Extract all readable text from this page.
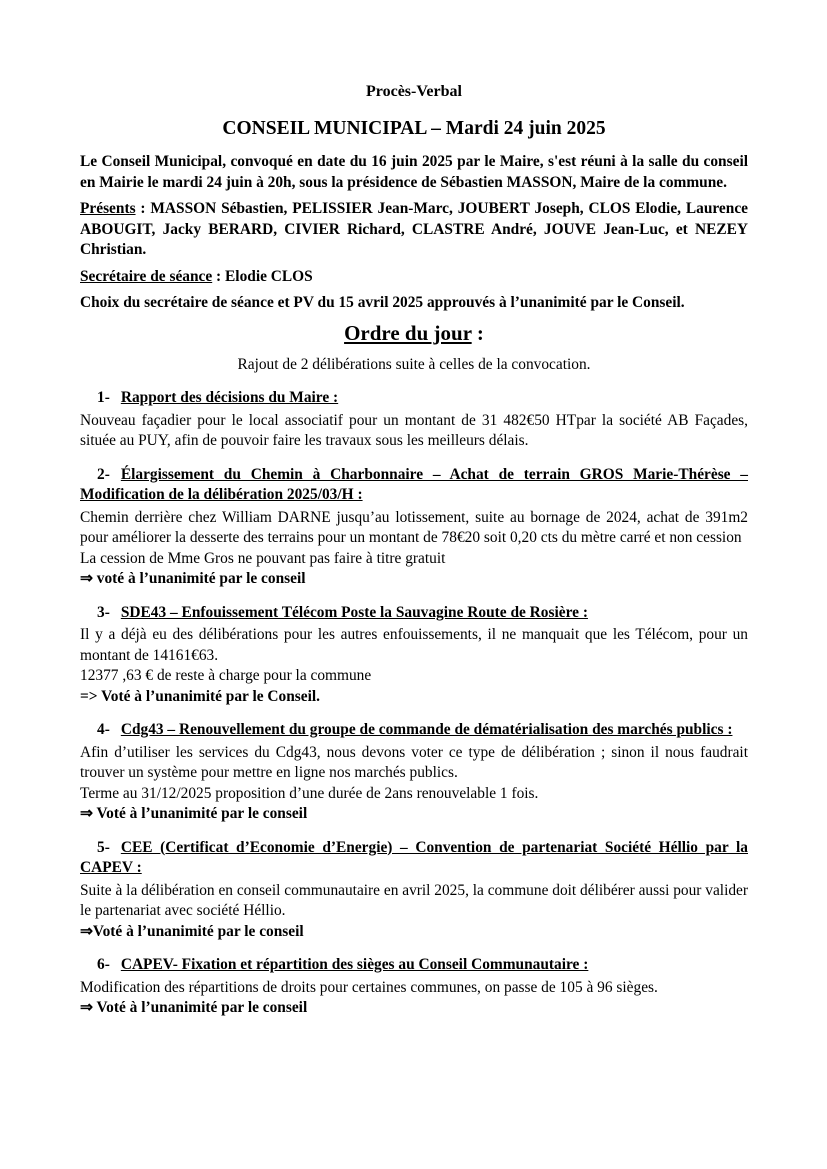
Procès-Verbal

CONSEIL MUNICIPAL – Mardi 24 juin 2025

Le Conseil Municipal, convoqué en date du 16 juin 2025 par le Maire, s'est réuni à la salle du conseil en Mairie le mardi 24 juin à 20h, sous la présidence de Sébastien MASSON, Maire de la commune.

Présents : MASSON Sébastien, PELISSIER Jean-Marc, JOUBERT Joseph, CLOS Elodie, Laurence ABOUGIT, Jacky BERARD, CIVIER Richard, CLASTRE André, JOUVE Jean-Luc, et NEZEY Christian.

Secrétaire de séance : Elodie CLOS

Choix du secrétaire de séance et PV du 15 avril 2025 approuvés à l’unanimité par le Conseil.

Ordre du jour :

Rajout de 2 délibérations suite à celles de la convocation.

1- Rapport des décisions du Maire :

Nouveau façadier pour le local associatif pour un montant de 31 482€50 HTpar la société AB Façades, située au PUY, afin de pouvoir faire les travaux sous les meilleurs délais.

2- Élargissement du Chemin à Charbonnaire – Achat de terrain GROS Marie-Thérèse – Modification de la délibération 2025/03/H :

Chemin derrière chez William DARNE jusqu’au lotissement, suite au bornage de 2024, achat de 391m2 pour améliorer la desserte des terrains pour un montant de 78€20 soit 0,20 cts du mètre carré et non cession

La cession de Mme Gros ne pouvant pas faire à titre gratuit

⇒ voté à l’unanimité par le conseil

3- SDE43 – Enfouissement Télécom Poste la Sauvagine Route de Rosière :

Il y a déjà eu des délibérations pour les autres enfouissements, il ne manquait que les Télécom, pour un montant de 14161€63.

12377 ,63 € de reste à charge pour la commune

=> Voté à l’unanimité par le Conseil.

4- Cdg43 – Renouvellement du groupe de commande de dématérialisation des marchés publics :

Afin d’utiliser les services du Cdg43, nous devons voter ce type de délibération ; sinon il nous faudrait trouver un système pour mettre en ligne nos marchés publics.

Terme au 31/12/2025 proposition d’une durée de 2ans renouvelable 1 fois.

⇒ Voté à l’unanimité par le conseil

5- CEE (Certificat d’Economie d’Energie) – Convention de partenariat Société Héllio par la CAPEV :

Suite à la délibération en conseil communautaire en avril 2025, la commune doit délibérer aussi pour valider le partenariat avec société Héllio.

⇒Voté à l’unanimité par le conseil

6- CAPEV- Fixation et répartition des sièges au Conseil Communautaire :

Modification des répartitions de droits pour certaines communes, on passe de 105 à 96 sièges.

⇒ Voté à l’unanimité par le conseil
